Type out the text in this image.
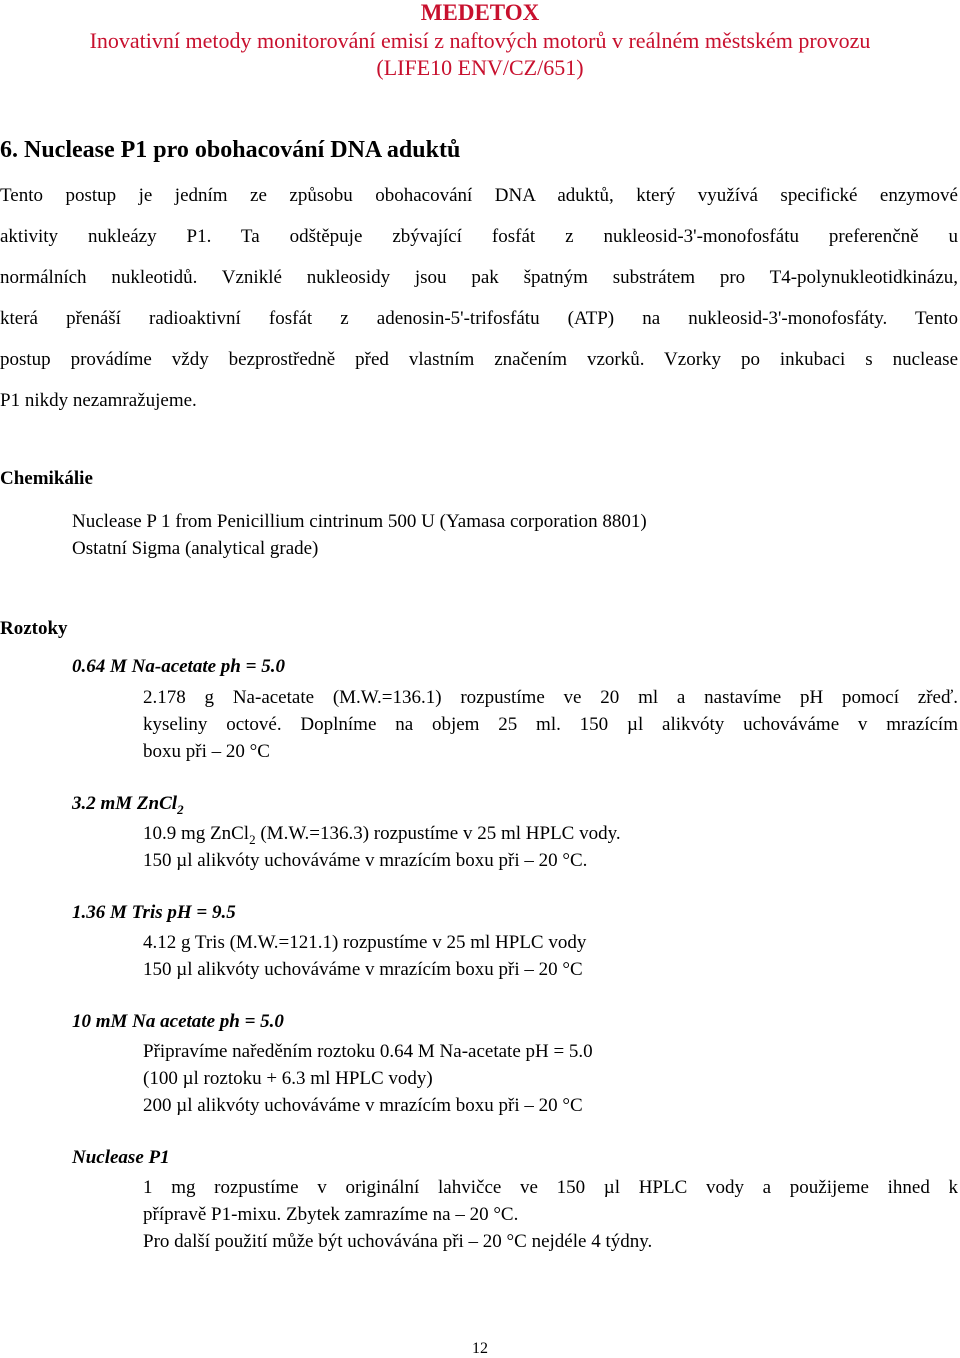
MEDETOX
Inovativní metody monitorování emisí z naftových motorů v reálném městském provozu
(LIFE10 ENV/CZ/651)
6. Nuclease P1 pro obohacování DNA aduktů
Tento postup je jedním ze způsobu obohacování DNA aduktů, který využívá specifické enzymové
aktivity nukleázy P1. Ta odštěpuje zbývající fosfát z nukleosid-3'-monofosfátu preferenčně u
normálních nukleotidů. Vzniklé nukleosidy jsou pak špatným substrátem pro T4-polynukleotidkinázu,
která přenáší radioaktivní fosfát z adenosin-5'-trifosfátu (ATP) na nukleosid-3'-monofosfáty. Tento
postup provádíme vždy bezprostředně před vlastním značením vzorků. Vzorky po inkubaci s nuclease
P1 nikdy nezamražujeme.
Chemikálie
Nuclease P 1 from Penicillium cintrinum 500 U (Yamasa corporation 8801)
Ostatní Sigma (analytical grade)
Roztoky
0.64 M Na-acetate ph = 5.0
2.178 g Na-acetate (M.W.=136.1) rozpustíme ve 20 ml a nastavíme pH pomocí zřeď.
kyseliny octové. Doplníme na objem 25 ml. 150 µl alikvóty uchováváme v mrazícím
boxu při – 20 °C
3.2 mM ZnCl$_2$
10.9 mg ZnCl$_2$ (M.W.=136.3) rozpustíme v 25 ml HPLC vody.
150 µl alikvóty uchováváme v mrazícím boxu při – 20 °C.
1.36 M Tris pH = 9.5
4.12 g Tris (M.W.=121.1) rozpustíme v 25 ml HPLC vody
150 µl alikvóty uchováváme v mrazícím boxu při – 20 °C
10 mM Na acetate ph = 5.0
Připravíme naředěním roztoku 0.64 M Na-acetate pH = 5.0
(100 µl roztoku + 6.3 ml HPLC vody)
200 µl alikvóty uchováváme v mrazícím boxu při – 20 °C
Nuclease P1
1 mg rozpustíme v originální lahvičce ve 150 µl HPLC vody a použijeme ihned k
přípravě P1-mixu. Zbytek zamrazíme na – 20 °C.
Pro další použití může být uchovávána při – 20 °C nejdéle 4 týdny.
12
